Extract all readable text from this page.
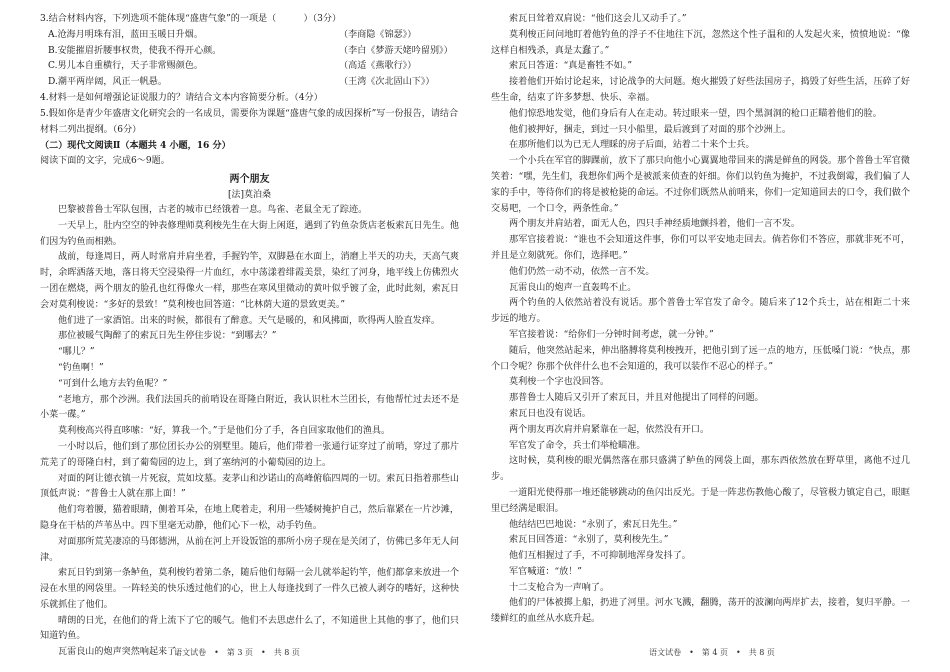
3.结合材料内容，下列选项不能体现“盛唐气象”的一项是（　　　）（3分）

A.沧海月明珠有泪，蓝田玉暖日升烟。	（李商隐《锦瑟》）
B.安能摧眉折腰事权贵，使我不得开心颜。	（李白《梦游天姥吟留别》）
C.男儿本自重横行，天子非常赐颜色。	（高适《燕歌行》）
D.潮平两岸阔，风正一帆悬。	（王湾《次北固山下》）

4.材料一是如何增强论证说服力的？请结合文本内容简要分析。（4分）

5.假如你是青少年盛唐文化研究会的一名成员，需要你为课题“盛唐气象的成因探析”写一份报告，请结合材料二列出提纲。（6分）

（二）现代文阅读Ⅱ（本题共 4 小题，16 分）

阅读下面的文字，完成6～9题。

两个朋友

[法]莫泊桑

巴黎被普鲁士军队包围，古老的城市已经饿着一息。鸟雀、老鼠全无了踪迹。

一天早上，肚内空空的钟表修理师莫利梭先生在大街上闲逛，遇到了钓鱼杂货店老板索瓦日先生。他们因为钓鱼而相熟。

战前，每逢周日，两人时常肩并肩坐着，手握钓竿，双脚悬在水面上，消磨上半天的功夫，天高气爽时，余晖洒落天地，落日将天空浸染得一片血红，水中荡漾着绯霞美景，染红了河身，地平线上仿佛烈火一团在燃烧，两个朋友的脸孔也红得像火一样，那些在寒风里微动的黄叶似乎镀了金，此时此刻，索瓦日会对莫利梭说：“多好的景致！”莫利梭也回答道：“比林荫大道的景致更美。”

他们进了一家酒馆。出来的时候，都很有了醉意。天气是暖的，和风拂面，吹得两人脸直发痒。

那位被暖气陶醉了的索瓦日先生停住步说：“到哪去？”

“哪儿？”

“钓鱼啊！”

“可到什么地方去钓鱼呢？”

“老地方，那个沙洲。我们法国兵的前哨设在哥隆白附近，我认识杜木兰团长，有他帮忙过去还不是小菜一碟。”

莫利梭高兴得直哆嗦：“好，算我一个。”于是他们分了手，各自回家取他们的渔具。

一小时以后，他们到了那位团长办公的别墅里。随后，他们带着一张通行证穿过了前哨，穿过了那片荒芜了的哥隆白村，到了葡萄园的边上，到了塞纳河的小葡萄园的边上。

对面的阿让德衣镇一片死寂，荒如坟墓。麦茅山和沙诺山的高峰俯临四周的一切。索瓦日指着那些山顶低声说：“普鲁士人就在那上面！”

他们弯着腰，猫着眼睛，侧着耳朵，在地上爬着走，利用一些矮树掩护自己，然后靠紧在一片沙滩，隐身在干枯的芦苇丛中。四下里毫无动静，他们心下一松，动手钓鱼。

对面那所荒芜凄凉的马郎德洲，从前在河上开设饭馆的那所小房子现在是关闭了，仿佛已多年无人问津。

索瓦日钓到第一条鲈鱼，莫利梭钓着第二条，随后他们每隔一会儿就举起钓竿，他们都拿来放进一个浸在水里的网袋里。一阵轻美的快乐透过他们的心，世上人每逢找到了一件久已被人剥夺的嗜好，这种快乐就抓住了他们。

晴朗的日光，在他们的背上流下了它的暖气。他们不去思虑什么了，不知道世上其他的事了，他们只知道钓鱼。

瓦雷良山的炮声突然响起来了。

语文试卷　•　第 3 页　•　共 8 页

索瓦日耸着双肩说：“他们这会儿又动手了。”

莫利梭正问问地盯着他钓鱼的浮子不住地往下沉，忽然这个性子温和的人发起火来，愤愤地说：“像这样自相残杀，真是太蠢了。”

索瓦日答道：“真是畜牲不如。”

接着他们开始讨论起来，讨论战争的大问题。炮火摧毁了好些法国房子，捣毁了好些生活，压碎了好些生命，结束了许多梦想、快乐、幸福。

他们惊恐地发觉，他们身后有人在走动。转过眼来一望，四个黑洞洞的枪口正瞄着他们的脸。

他们被押好，捆走，到过一只小船里，最后渡到了对面的那个沙洲上。

在那所他们以为已无人理睬的房子后面，站着二十来个士兵。

一个小兵在军官的脚踝前，放下了那只向他小心翼翼地带回来的满是鲜鱼的网袋。那个普鲁士军官微笑着：“嘿，先生们，我想你们两个是被派来侦查的奸细。你们以钓鱼为掩护，不过我倒霉，我们偏了人家的手中，等待你们的将是被枪毙的命运。不过你们既然从前哨来，你们一定知道回去的口令，我们做个交易吧，一个口令，两条性命。”

两个朋友并肩站着，面无人色，四只手神经质地颤抖着，他们一言不发。

那军官接着说：“谁也不会知道这件事，你们可以平安地走回去。倘若你们不答应，那就非死不可，并且是立刻就死。你们，选择吧。”

他们仍然一动不动，依然一言不发。

瓦雷良山的炮声一直轰鸣不止。

两个钓鱼的人依然站着没有说话。那个普鲁士军官发了命令。随后来了12个兵士，站在相距二十来步远的地方。

军官接着说：“给你们一分钟时间考虑，就一分钟。”

随后，他突然站起来，伸出胳膊将莫利梭拽开，把他引到了远一点的地方，压低嗓门说：“快点，那个口令呢？你那个伙伴什么也不会知道的，我可以装作不忍心的样子。”

莫利梭一个字也没回答。

那普鲁士人随后又引开了索瓦日，并且对他提出了同样的问题。

索瓦日也没有说话。

两个朋友再次肩并肩紧靠在一起，依然没有开口。

军官发了命令，兵士们举枪瞄准。

这时候，莫利梭的眼光偶然落在那只盛满了鲈鱼的网袋上面，那东西依然放在野草里，离他不过几步。

一道阳光使得那一堆还能够跳动的鱼闪出反光。于是一阵悲伤教他心酸了，尽管极力镇定自己，眼眶里已经满是眼泪。

他结结巴巴地说：“永别了，索瓦日先生。”

索瓦日回答道：“永别了，莫利梭先生。”

他们互相握过了手，不可抑制地浑身发抖了。

军官喊道：“放！”

十二支枪合为一声响了。

他们的尸体被掷上船，扔进了河里。河水飞溅，翻腾，荡开的波澜向两岸扩去，接着，复归平静。一缕鲜红的血丝从水底升起。

语文试卷　•　第 4 页　•　共 8 页
